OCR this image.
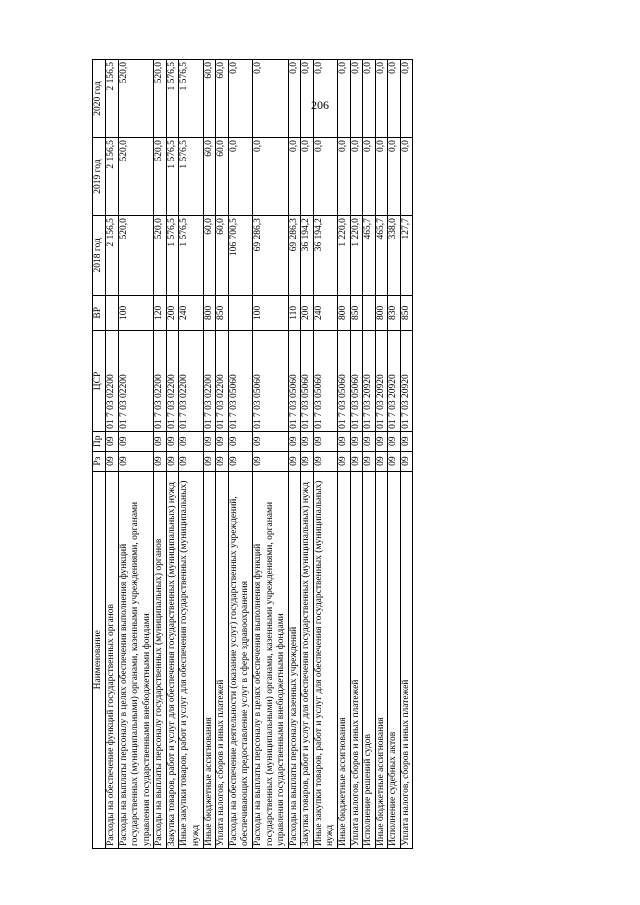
206
Наименование	Рз	Пр	ЦСР	ВР	2018 год	2019 год	2020 год
Расходы на обеспечение функций государственных органов	09	09	01 7 03 02200		2 156,5	2 156,5	2 156,5
Расходы на выплаты персоналу в целях обеспечения выполнения функций государственных (муниципальными) органами, казенными учреждениями, органами управления государственными внебюджетными фондами	09	09	01 7 03 02200	100	520,0	520,0	520,0
Расходы на выплаты персоналу государственных (муниципальных) органов	09	09	01 7 03 02200	120	520,0	520,0	520,0
Закупка товаров, работ и услуг для обеспечения государственных (муниципальных) нужд	09	09	01 7 03 02200	200	1 576,5	1 576,5	1 576,5
Иные закупки товаров, работ и услуг для обеспечения государственных (муниципальных) нужд	09	09	01 7 03 02200	240	1 576,5	1 576,5	1 576,5
Иные бюджетные ассигнования	09	09	01 7 03 02200	800	60,0	60,0	60,0
Уплата налогов, сборов и иных платежей	09	09	01 7 03 02200	850	60,0	60,0	60,0
Расходы на обеспечение деятельности (оказание услуг) государственных учреждений, обеспечивающих предоставление услуг в сфере здравоохранения	09	09	01 7 03 05060		106 700,5	0,0	0,0
Расходы на выплаты персоналу в целях обеспечения выполнения функций государственных (муниципальными) органами, казенными учреждениями, органами управления государственными внебюджетными фондами	09	09	01 7 03 05060	100	69 286,3	0,0	0,0
Расходы на выплаты персоналу казенных учреждений	09	09	01 7 03 05060	110	69 286,3	0,0	0,0
Закупка товаров, работ и услуг для обеспечения государственных (муниципальных) нужд	09	09	01 7 03 05060	200	36 194,2	0,0	0,0
Иные закупки товаров, работ и услуг для обеспечения государственных (муниципальных) нужд	09	09	01 7 03 05060	240	36 194,2	0,0	0,0
Иные бюджетные ассигнования	09	09	01 7 03 05060	800	1 220,0	0,0	0,0
Уплата налогов, сборов и иных платежей	09	09	01 7 03 05060	850	1 220,0	0,0	0,0
Исполнение решений судов	09	09	01 7 03 20920		465,7	0,0	0,0
Иные бюджетные ассигнования	09	09	01 7 03 20920	800	465,7	0,0	0,0
Исполнение судебных актов	09	09	01 7 03 20920	830	338,0	0,0	0,0
Уплата налогов, сборов и иных платежей	09	09	01 7 03 20920	850	127,7	0,0	0,0
